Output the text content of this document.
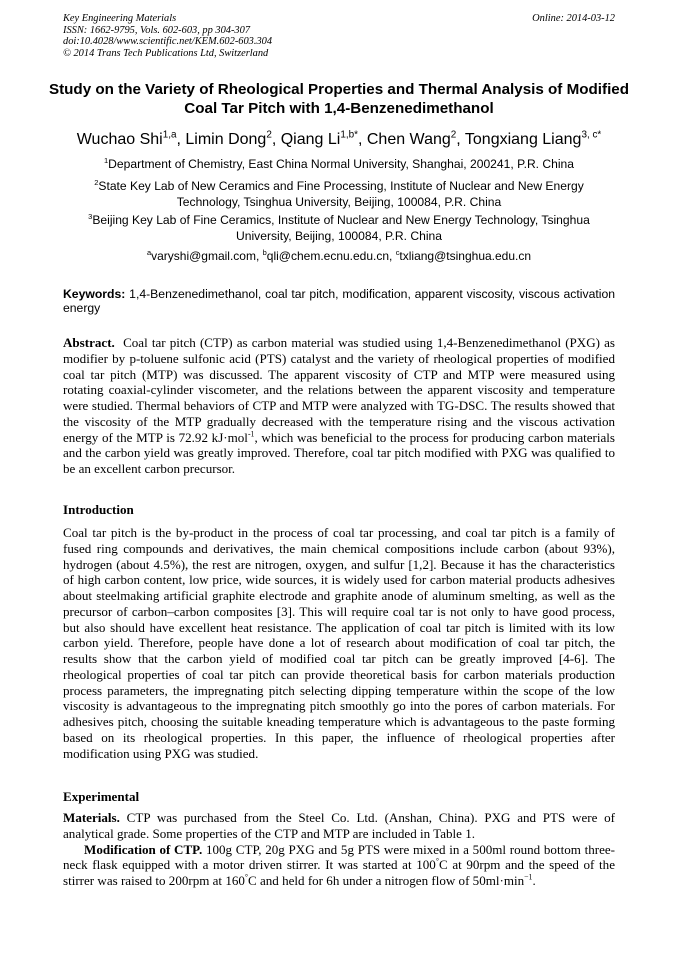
Key Engineering Materials
ISSN: 1662-9795, Vols. 602-603, pp 304-307
doi:10.4028/www.scientific.net/KEM.602-603.304
© 2014 Trans Tech Publications Ltd, Switzerland
Online: 2014-03-12
Study on the Variety of Rheological Properties and Thermal Analysis of Modified Coal Tar Pitch with 1,4-Benzenedimethanol
Wuchao Shi$^{1,a}$, Limin Dong$^2$, Qiang $Li^{1,b*}$, Chen Wang$^2$, Tongxiang Liang$^{3, c*}$
$^1$Department of Chemistry, East China Normal University, Shanghai, 200241, P.R. China
$^2$State Key Lab of New Ceramics and Fine Processing, Institute of Nuclear and New Energy Technology, Tsinghua University, Beijing, 100084, P.R. China
$^3$Beijing Key Lab of Fine Ceramics, Institute of Nuclear and New Energy Technology, Tsinghua University, Beijing, 100084, P.R. China
$^a$varyshi@gmail.com, $^b$qli@chem.ecnu.edu.cn, $^c$txliang@tsinghua.edu.cn
Keywords: 1,4-Benzenedimethanol, coal tar pitch, modification, apparent viscosity, viscous activation energy
Abstract. Coal tar pitch (CTP) as carbon material was studied using 1,4-Benzenedimethanol (PXG) as modifier by p-toluene sulfonic acid (PTS) catalyst and the variety of rheological properties of modified coal tar pitch (MTP) was discussed. The apparent viscosity of CTP and MTP were measured using rotating coaxial-cylinder viscometer, and the relations between the apparent viscosity and temperature were studied. Thermal behaviors of CTP and MTP were analyzed with TG-DSC. The results showed that the viscosity of the MTP gradually decreased with the temperature rising and the viscous activation energy of the MTP is 72.92 kJ·mol$^{-1}$, which was beneficial to the process for producing carbon materials and the carbon yield was greatly improved. Therefore, coal tar pitch modified with PXG was qualified to be an excellent carbon precursor.
Introduction
Coal tar pitch is the by-product in the process of coal tar processing, and coal tar pitch is a family of fused ring compounds and derivatives, the main chemical compositions include carbon (about 93%), hydrogen (about 4.5%), the rest are nitrogen, oxygen, and sulfur [1,2]. Because it has the characteristics of high carbon content, low price, wide sources, it is widely used for carbon material products adhesives about steelmaking artificial graphite electrode and graphite anode of aluminum smelting, as well as the precursor of carbon–carbon composites [3]. This will require coal tar is not only to have good process, but also should have excellent heat resistance. The application of coal tar pitch is limited with its low carbon yield. Therefore, people have done a lot of research about modification of coal tar pitch, the results show that the carbon yield of modified coal tar pitch can be greatly improved [4-6]. The rheological properties of coal tar pitch can provide theoretical basis for carbon materials production process parameters, the impregnating pitch selecting dipping temperature within the scope of the low viscosity is advantageous to the impregnating pitch smoothly go into the pores of carbon materials. For adhesives pitch, choosing the suitable kneading temperature which is advantageous to the paste forming based on its rheological properties. In this paper, the influence of rheological properties after modification using PXG was studied.
Experimental

Materials. CTP was purchased from the Steel Co. Ltd. (Anshan, China). PXG and PTS were of analytical grade. Some properties of the CTP and MTP are included in Table 1.

Modification of CTP. 100g CTP, 20g PXG and 5g PTS were mixed in a 500ml round bottom three-neck flask equipped with a motor driven stirrer. It was started at 100°C at 90rpm and the speed of the stirrer was raised to 200rpm at 160°C and held for 6h under a nitrogen flow of $50ml\cdot\min^{-1}$.
